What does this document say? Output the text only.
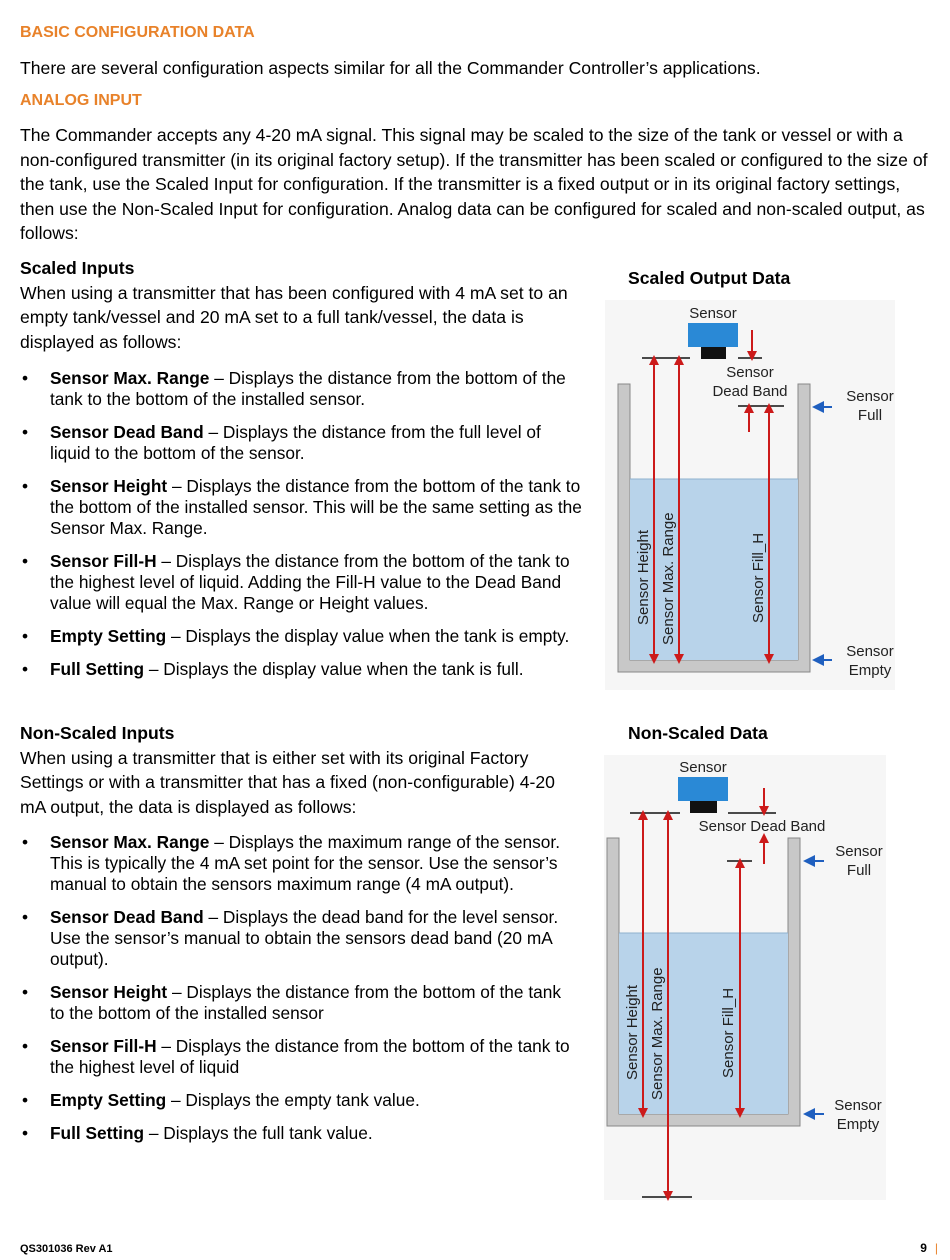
BASIC CONFIGURATION DATA
There are several configuration aspects similar for all the Commander Controller’s applications.
ANALOG INPUT
The Commander accepts any 4-20 mA signal. This signal may be scaled to the size of the tank or vessel or with a non-configured transmitter (in its original factory setup). If the transmitter has been scaled or configured to the size of the tank, use the Scaled Input for configuration. If the transmitter is a fixed output or in its original factory settings, then use the Non-Scaled Input for configuration. Analog data can be configured for scaled and non-scaled output, as follows:
Scaled Inputs
When using a transmitter that has been configured with 4 mA set to an empty tank/vessel and 20 mA set to a full tank/vessel, the data is displayed as follows:
• Sensor Max. Range – Displays the distance from the bottom of the tank to the bottom of the installed sensor.
• Sensor Dead Band – Displays the distance from the full level of liquid to the bottom of the sensor.
• Sensor Height – Displays the distance from the bottom of the tank to the bottom of the installed sensor. This will be the same setting as the Sensor Max. Range.
• Sensor Fill-H – Displays the distance from the bottom of the tank to the highest level of liquid. Adding the Fill-H value to the Dead Band value will equal the Max. Range or Height values.
• Empty Setting – Displays the display value when the tank is empty.
• Full Setting – Displays the display value when the tank is full.
Non-Scaled Inputs
When using a transmitter that is either set with its original Factory Settings or with a transmitter that has a fixed (non-configurable) 4-20 mA output, the data is displayed as follows:
• Sensor Max. Range – Displays the maximum range of the sensor. This is typically the 4 mA set point for the sensor. Use the sensor’s manual to obtain the sensors maximum range (4 mA output).
• Sensor Dead Band – Displays the dead band for the level sensor. Use the sensor’s manual to obtain the sensors dead band (20 mA output).
• Sensor Height – Displays the distance from the bottom of the tank to the bottom of the installed sensor
• Sensor Fill-H – Displays the distance from the bottom of the tank to the highest level of liquid
• Empty Setting – Displays the empty tank value.
• Full Setting – Displays the full tank value.
Scaled Output Data
Sensor
Sensor
Dead Band
Sensor Height Sensor Max. Range	Sensor Fill_H
Sensor
Full
Sensor
Empty
Non-Scaled Data
Sensor
Sensor Dead Band
Sensor Height Sensor Max. Range	Sensor Fill_H
Sensor
Full
Sensor
Empty
QS301036 Rev A1	9 |
